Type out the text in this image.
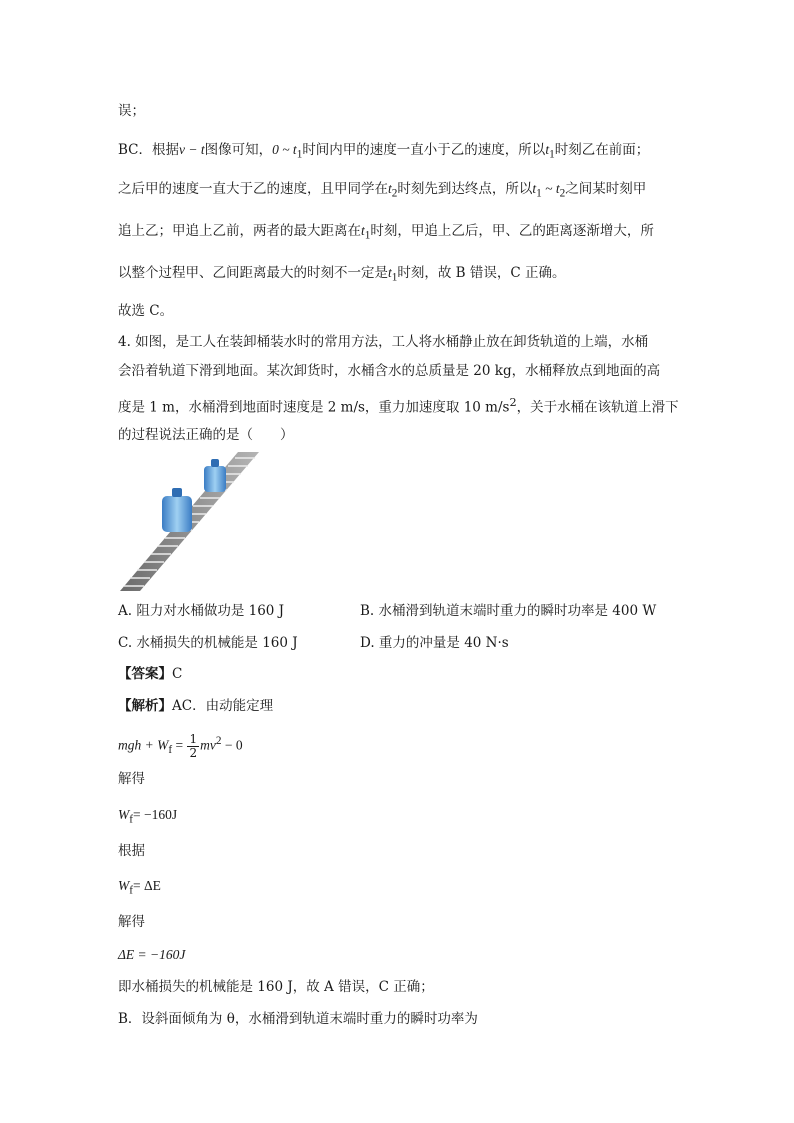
误；
BC．根据v − t图像可知，0 ~ $t_1$时间内甲的速度一直小于乙的速度，所以$t_1$时刻乙在前面；
之后甲的速度一直大于乙的速度，且甲同学在$t_2$时刻先到达终点，所以$t_1$ ~ $t_2$之间某时刻甲
追上乙；甲追上乙前，两者的最大距离在$t_1$时刻，甲追上乙后，甲、乙的距离逐渐增大，所
以整个过程甲、乙间距离最大的时刻不一定是$t_1$时刻，故 B 错误，C 正确。
故选 C。
4. 如图，是工人在装卸桶装水时的常用方法，工人将水桶静止放在卸货轨道的上端，水桶
会沿着轨道下滑到地面。某次卸货时，水桶含水的总质量是 20 kg，水桶释放点到地面的高
度是 1 m，水桶滑到地面时速度是 2 m/s，重力加速度取 10 $m/s^2$，关于水桶在该轨道上滑下
的过程说法正确的是（　　）
A. 阻力对水桶做功是 160 J	B. 水桶滑到轨道末端时重力的瞬时功率是 400 W
C. 水桶损失的机械能是 160 J	D. 重力的冲量是 40 N·s
【答案】C
【解析】AC．由动能定理
mgh + $W_f = \frac{1}{2} mv^2 - 0$
解得
$W_f= -160J$
根据
$W_f= \Delta E$
解得
ΔE = −160J
即水桶损失的机械能是 160 J，故 A 错误，C 正确；
B．设斜面倾角为 θ，水桶滑到轨道末端时重力的瞬时功率为
